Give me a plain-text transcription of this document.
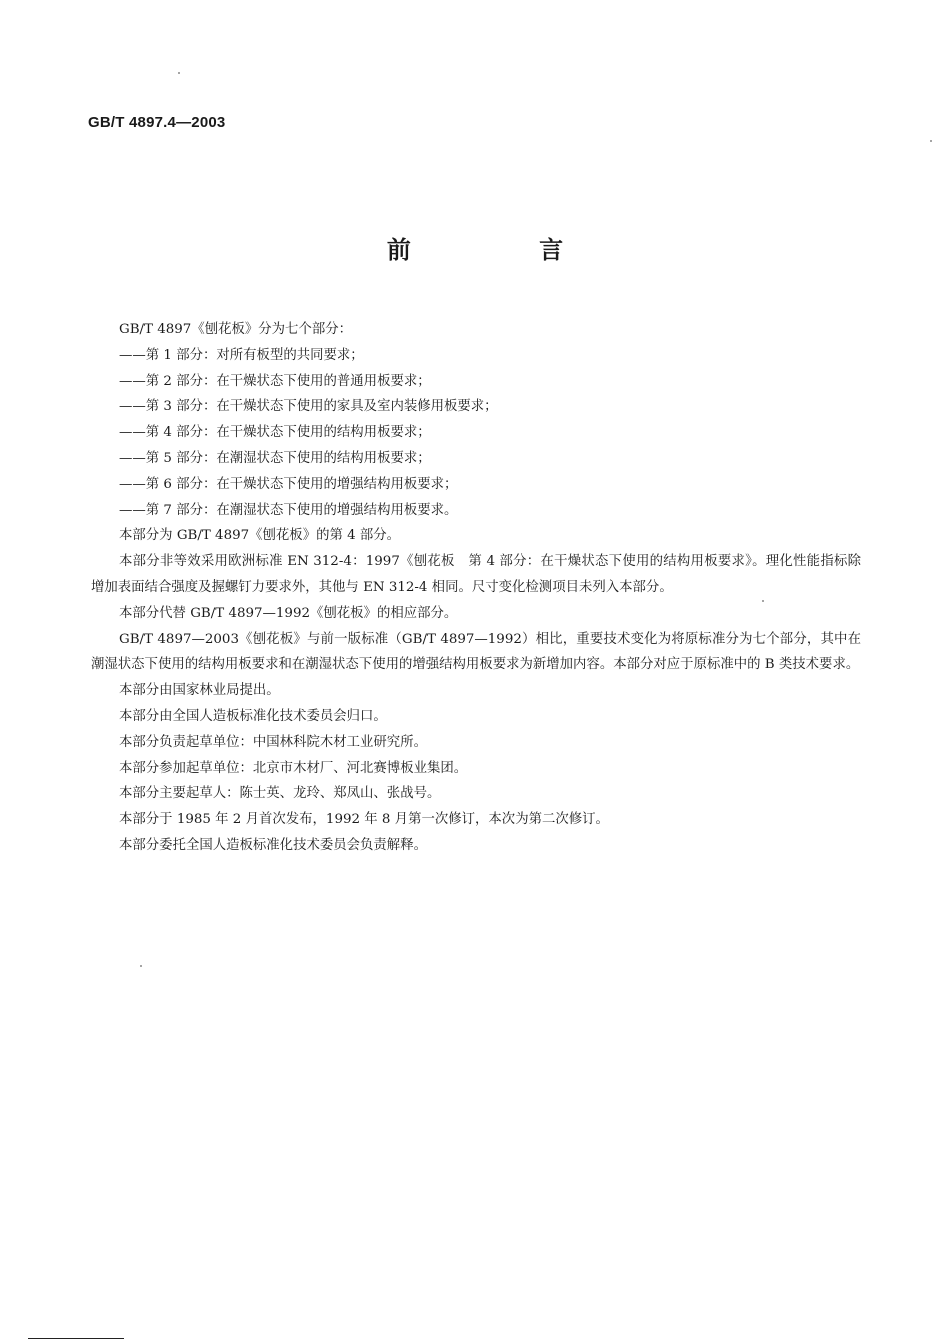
GB/T 4897.4—2003
前 言

GB/T 4897《刨花板》分为七个部分：

——第 1 部分：对所有板型的共同要求；

——第 2 部分：在干燥状态下使用的普通用板要求；

——第 3 部分：在干燥状态下使用的家具及室内装修用板要求；

——第 4 部分：在干燥状态下使用的结构用板要求；

——第 5 部分：在潮湿状态下使用的结构用板要求；

——第 6 部分：在干燥状态下使用的增强结构用板要求；

——第 7 部分：在潮湿状态下使用的增强结构用板要求。

本部分为 GB/T 4897《刨花板》的第 4 部分。

本部分非等效采用欧洲标准 EN 312-4：1997《刨花板　第 4 部分：在干燥状态下使用的结构用板要求》。理化性能指标除增加表面结合强度及握螺钉力要求外，其他与 EN 312-4 相同。尺寸变化检测项目未列入本部分。

本部分代替 GB/T 4897—1992《刨花板》的相应部分。

GB/T 4897—2003《刨花板》与前一版标准（GB/T 4897—1992）相比，重要技术变化为将原标准分为七个部分，其中在潮湿状态下使用的结构用板要求和在潮湿状态下使用的增强结构用板要求为新增加内容。本部分对应于原标准中的 B 类技术要求。

本部分由国家林业局提出。

本部分由全国人造板标准化技术委员会归口。

本部分负责起草单位：中国林科院木材工业研究所。

本部分参加起草单位：北京市木材厂、河北赛博板业集团。

本部分主要起草人：陈士英、龙玲、郑凤山、张战号。

本部分于 1985 年 2 月首次发布，1992 年 8 月第一次修订，本次为第二次修订。

本部分委托全国人造板标准化技术委员会负责解释。
